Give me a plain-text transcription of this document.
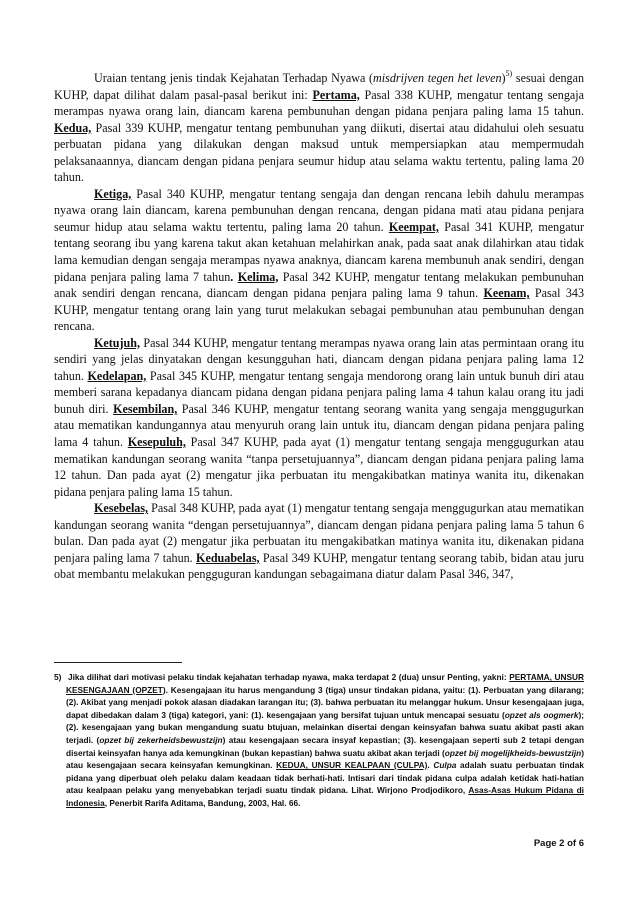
Uraian tentang jenis tindak Kejahatan Terhadap Nyawa (misdrijven tegen het leven)$^{5)}$ sesuai dengan KUHP, dapat dilihat dalam pasal-pasal berikut ini: Pertama, Pasal 338 KUHP, mengatur tentang sengaja merampas nyawa orang lain, diancam karena pembunuhan dengan pidana penjara paling lama 15 tahun. Kedua, Pasal 339 KUHP, mengatur tentang pembunuhan yang diikuti, disertai atau didahului oleh sesuatu perbuatan pidana yang dilakukan dengan maksud untuk mempersiapkan atau mempermudah pelaksanaannya, diancam dengan pidana penjara seumur hidup atau selama waktu tertentu, paling lama 20 tahun.

Ketiga, Pasal 340 KUHP, mengatur tentang sengaja dan dengan rencana lebih dahulu merampas nyawa orang lain diancam, karena pembunuhan dengan rencana, dengan pidana mati atau pidana penjara seumur hidup atau selama waktu tertentu, paling lama 20 tahun. Keempat, Pasal 341 KUHP, mengatur tentang seorang ibu yang karena takut akan ketahuan melahirkan anak, pada saat anak dilahirkan atau tidak lama kemudian dengan sengaja merampas nyawa anaknya, diancam karena membunuh anak sendiri, dengan pidana penjara paling lama 7 tahun. Kelima, Pasal 342 KUHP, mengatur tentang melakukan pembunuhan anak sendiri dengan rencana, diancam dengan pidana penjara paling lama 9 tahun. Keenam, Pasal 343 KUHP, mengatur tentang orang lain yang turut melakukan sebagai pembunuhan atau pembunuhan dengan rencana.

Ketujuh, Pasal 344 KUHP, mengatur tentang merampas nyawa orang lain atas permintaan orang itu sendiri yang jelas dinyatakan dengan kesungguhan hati, diancam dengan pidana penjara paling lama 12 tahun. Kedelapan, Pasal 345 KUHP, mengatur tentang sengaja mendorong orang lain untuk bunuh diri atau memberi sarana kepadanya diancam pidana dengan pidana penjara paling lama 4 tahun kalau orang itu jadi bunuh diri. Kesembilan, Pasal 346 KUHP, mengatur tentang seorang wanita yang sengaja menggugurkan atau mematikan kandungannya atau menyuruh orang lain untuk itu, diancam dengan pidana penjara paling lama 4 tahun. Kesepuluh, Pasal 347 KUHP, pada ayat (1) mengatur tentang sengaja menggugurkan atau mematikan kandungan seorang wanita “tanpa persetujuannya”, diancam dengan pidana penjara paling lama 12 tahun. Dan pada ayat (2) mengatur jika perbuatan itu mengakibatkan matinya wanita itu, dikenakan pidana penjara paling lama 15 tahun.

Kesebelas, Pasal 348 KUHP, pada ayat (1) mengatur tentang sengaja menggugurkan atau mematikan kandungan seorang wanita “dengan persetujuannya”, diancam dengan pidana penjara paling lama 5 tahun 6 bulan. Dan pada ayat (2) mengatur jika perbuatan itu mengakibatkan matinya wanita itu, dikenakan pidana penjara paling lama 7 tahun. Keduabelas, Pasal 349 KUHP, mengatur tentang seorang tabib, bidan atau juru obat membantu melakukan pengguguran kandungan sebagaimana diatur dalam Pasal 346, 347,

5) Jika dilihat dari motivasi pelaku tindak kejahatan terhadap nyawa, maka terdapat 2 (dua) unsur Penting, yakni: PERTAMA, UNSUR KESENGAJAAN (OPZET). Kesengajaan itu harus mengandung 3 (tiga) unsur tindakan pidana, yaitu: (1). Perbuatan yang dilarang; (2). Akibat yang menjadi pokok alasan diadakan larangan itu; (3). bahwa perbuatan itu melanggar hukum. Unsur kesengajaan juga, dapat dibedakan dalam 3 (tiga) kategori, yani: (1). kesengajaan yang bersifat tujuan untuk mencapai sesuatu (opzet als oogmerk); (2). kesengajaan yang bukan mengandung suatu btujuan, melainkan disertai dengan keinsyafan bahwa suatu akibat pasti akan terjadi. (opzet bij zekerheidsbewustzijn) atau kesengajaan secara insyaf kepastian; (3). kesengajaan seperti sub 2 tetapi dengan disertai keinsyafan hanya ada kemungkinan (bukan kepastian) bahwa suatu akibat akan terjadi (opzet bij mogelijkheids-bewustzijn) atau kesengajaan secara keinsyafan kemungkinan. KEDUA, UNSUR KEALPAAN (CULPA). Culpa adalah suatu perbuatan tindak pidana yang diperbuat oleh pelaku dalam keadaan tidak berhati-hati. Intisari dari tindak pidana culpa adalah ketidak hati-hatian atau kealpaan pelaku yang menyebabkan terjadi suatu tindak pidana. Lihat. Wirjono Prodjodikoro, Asas-Asas Hukum Pidana di Indonesia, Penerbit Rarifa Aditama, Bandung, 2003, Hal. 66.
Page 2 of 6
